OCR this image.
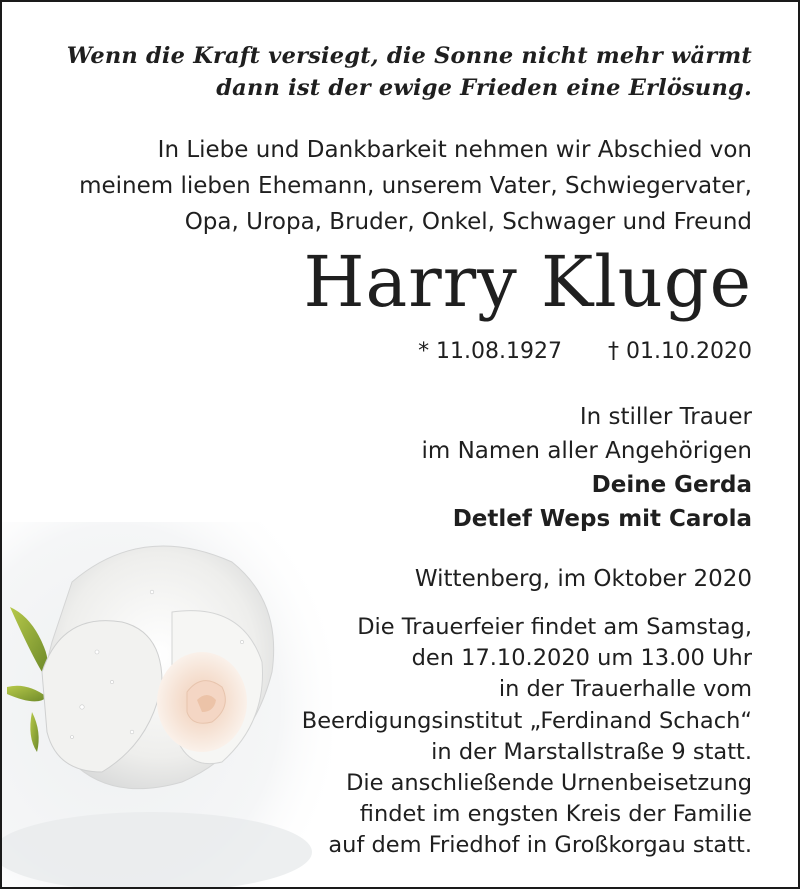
Wenn die Kraft versiegt, die Sonne nicht mehr wärmt
dann ist der ewige Frieden eine Erlösung.
In Liebe und Dankbarkeit nehmen wir Abschied von
meinem lieben Ehemann, unserem Vater, Schwiegervater,
Opa, Uropa, Bruder, Onkel, Schwager und Freund
Harry Kluge
* 11.08.1927 † 01.10.2020
In stiller Trauer
im Namen aller Angehörigen
Deine Gerda
Detlef Weps mit Carola
Wittenberg, im Oktober 2020
Die Trauerfeier findet am Samstag,
den 17.10.2020 um 13.00 Uhr
in der Trauerhalle vom
Beerdigungsinstitut „Ferdinand Schach“
in der Marstallstraße 9 statt.
Die anschließende Urnenbeisetzung
findet im engsten Kreis der Familie
auf dem Friedhof in Großkorgau statt.
